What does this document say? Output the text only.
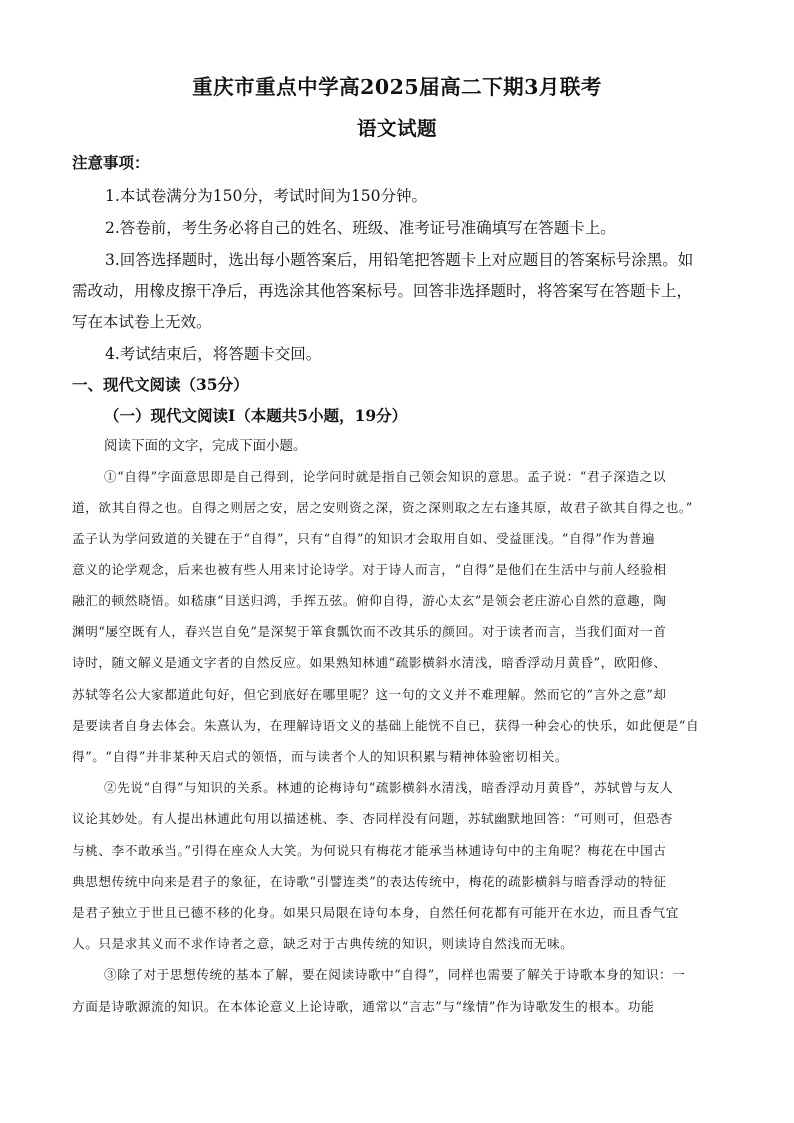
重庆市重点中学高2025届高二下期3月联考
语文试题
注意事项：
1.本试卷满分为150分，考试时间为150分钟。
2.答卷前，考生务必将自己的姓名、班级、准考证号准确填写在答题卡上。
3.回答选择题时，选出每小题答案后，用铅笔把答题卡上对应题目的答案标号涂黑。如
需改动，用橡皮擦干净后，再选涂其他答案标号。回答非选择题时，将答案写在答题卡上，
写在本试卷上无效。
4.考试结束后，将答题卡交回。
一、现代文阅读（35分）
（一）现代文阅读Ⅰ（本题共5小题，19分）
阅读下面的文字，完成下面小题。
①“自得”字面意思即是自己得到，论学问时就是指自己领会知识的意思。孟子说：“君子深造之以
道，欲其自得之也。自得之则居之安，居之安则资之深，资之深则取之左右逢其原，故君子欲其自得之也。”
孟子认为学问致道的关键在于“自得”，只有“自得”的知识才会取用自如、受益匪浅。“自得”作为普遍
意义的论学观念，后来也被有些人用来讨论诗学。对于诗人而言，“自得”是他们在生活中与前人经验相
融汇的顿然晓悟。如嵇康“目送归鸿，手挥五弦。俯仰自得，游心太玄”是领会老庄游心自然的意趣，陶
渊明“屡空既有人，春兴岂自免”是深契于箪食瓢饮而不改其乐的颜回。对于读者而言，当我们面对一首
诗时，随文解义是通文字者的自然反应。如果熟知林逋“疏影横斜水清浅，暗香浮动月黄昏”，欧阳修、
苏轼等名公大家都道此句好，但它到底好在哪里呢？这一句的文义并不难理解。然而它的“言外之意”却
是要读者自身去体会。朱熹认为，在理解诗语文义的基础上能恍不自已，获得一种会心的快乐，如此便是“自
得”。“自得”并非某种天启式的领悟，而与读者个人的知识积累与精神体验密切相关。
②先说“自得”与知识的关系。林逋的论梅诗句“疏影横斜水清浅，暗香浮动月黄昏”，苏轼曾与友人
议论其妙处。有人提出林逋此句用以描述桃、李、杏同样没有问题，苏轼幽默地回答：“可则可，但恐杏
与桃、李不敢承当。”引得在座众人大笑。为何说只有梅花才能承当林逋诗句中的主角呢？梅花在中国古
典思想传统中向来是君子的象征，在诗歌“引譬连类”的表达传统中，梅花的疏影横斜与暗香浮动的特征
是君子独立于世且已德不移的化身。如果只局限在诗句本身，自然任何花都有可能开在水边，而且香气宜
人。只是求其义而不求作诗者之意，缺乏对于古典传统的知识，则读诗自然浅而无味。
③除了对于思想传统的基本了解，要在阅读诗歌中“自得”，同样也需要了解关于诗歌本身的知识：一
方面是诗歌源流的知识。在本体论意义上论诗歌，通常以“言志”与“缘情”作为诗歌发生的根本。功能
